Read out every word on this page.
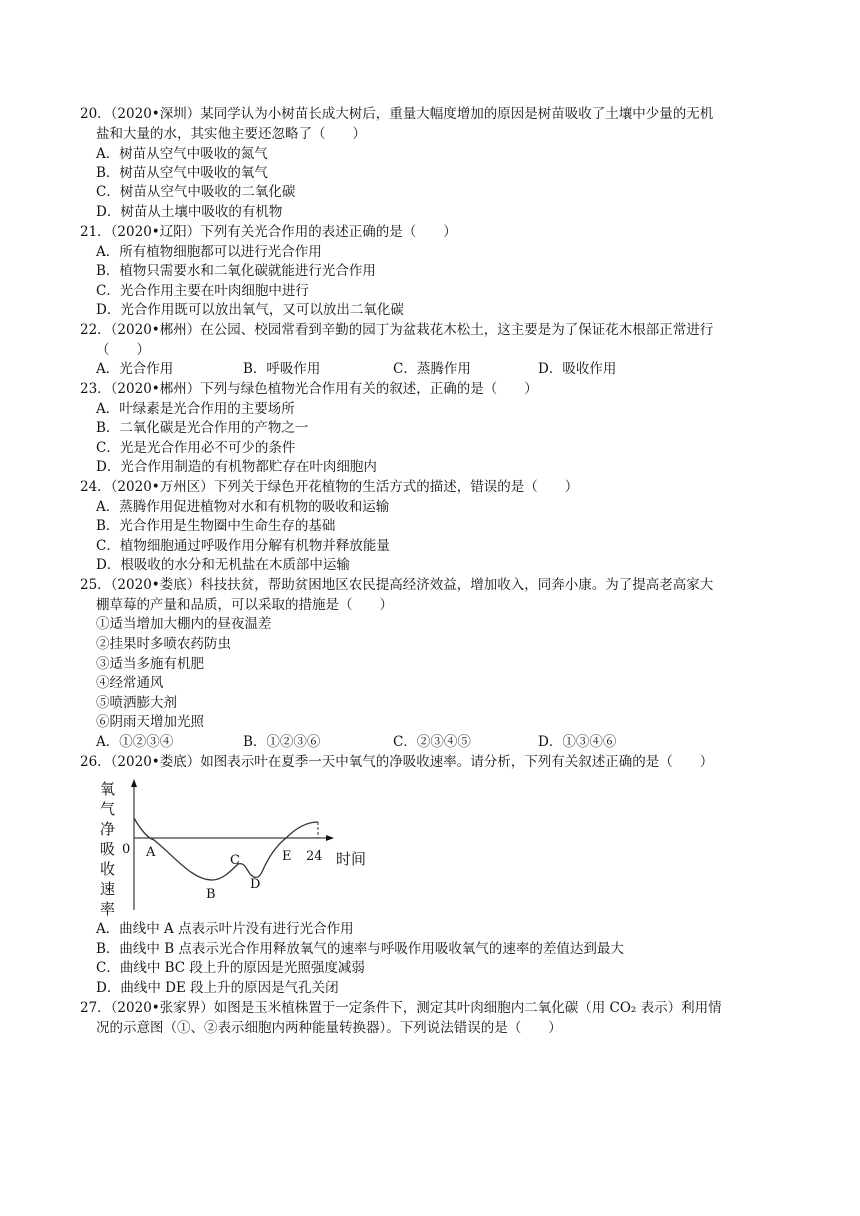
20．（2020•深圳）某同学认为小树苗长成大树后，重量大幅度增加的原因是树苗吸收了土壤中少量的无机
盐和大量的水，其实他主要还忽略了（　　）
A．树苗从空气中吸收的氮气
B．树苗从空气中吸收的氧气
C．树苗从空气中吸收的二氧化碳
D．树苗从土壤中吸收的有机物
21．（2020•辽阳）下列有关光合作用的表述正确的是（　　）
A．所有植物细胞都可以进行光合作用
B．植物只需要水和二氧化碳就能进行光合作用
C．光合作用主要在叶肉细胞中进行
D．光合作用既可以放出氧气，又可以放出二氧化碳
22．（2020•郴州）在公园、校园常看到辛勤的园丁为盆栽花木松土，这主要是为了保证花木根部正常进行
（　　）
A．光合作用	B．呼吸作用	C．蒸腾作用	D．吸收作用
23．（2020•郴州）下列与绿色植物光合作用有关的叙述，正确的是（　　）
A．叶绿素是光合作用的主要场所
B．二氧化碳是光合作用的产物之一
C．光是光合作用必不可少的条件
D．光合作用制造的有机物都贮存在叶肉细胞内
24．（2020•万州区）下列关于绿色开花植物的生活方式的描述，错误的是（　　）
A．蒸腾作用促进植物对水和有机物的吸收和运输
B．光合作用是生物圈中生命生存的基础
C．植物细胞通过呼吸作用分解有机物并释放能量
D．根吸收的水分和无机盐在木质部中运输
25．（2020•娄底）科技扶贫，帮助贫困地区农民提高经济效益，增加收入，同奔小康。为了提高老高家大
棚草莓的产量和品质，可以采取的措施是（　　）
①适当增加大棚内的昼夜温差
②挂果时多喷农药防虫
③适当多施有机肥
④经常通风
⑤喷洒膨大剂
⑥阴雨天增加光照
A．①②③④	B．①②③⑥	C．②③④⑤	D．①③④⑥
26．（2020•娄底）如图表示叶在夏季一天中氧气的净吸收速率。请分析，下列有关叙述正确的是（　　）
氧
气
净
吸
收
速
率
0
时间
A
B
C
D
E 24
A．曲线中 A 点表示叶片没有进行光合作用
B．曲线中 B 点表示光合作用释放氧气的速率与呼吸作用吸收氧气的速率的差值达到最大
C．曲线中 BC 段上升的原因是光照强度减弱
D．曲线中 DE 段上升的原因是气孔关闭
27．（2020•张家界）如图是玉米植株置于一定条件下，测定其叶肉细胞内二氧化碳（用 CO₂ 表示）利用情
况的示意图（①、②表示细胞内两种能量转换器）。下列说法错误的是（　　）
